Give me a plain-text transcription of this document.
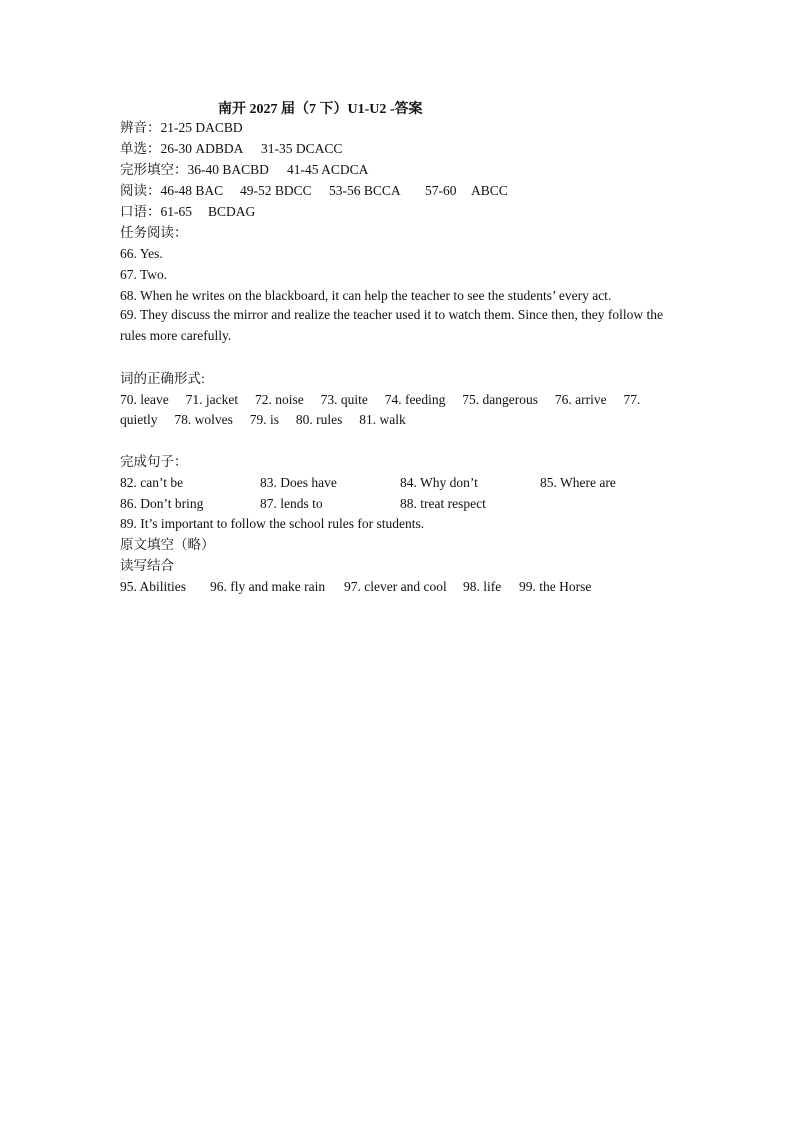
南开 2027 届（7 下）U1-U2 -答案
辨音：21-25 DACBD
单选：26-30 ADBDA 31-35 DCACC
完形填空：36-40 BACBD 41-45 ACDCA
阅读：46-48 BAC 49-52 BDCC 53-56 BCCA 57-60 ABCC
口语：61-65 BCDAG
任务阅读：
66. Yes.
67. Two.
68. When he writes on the blackboard, it can help the teacher to see the students’ every act.
69. They discuss the mirror and realize the teacher used it to watch them. Since then, they follow the rules more carefully.
词的正确形式:
70. leave     71. jacket     72. noise     73. quite     74. feeding     75. dangerous     76. arrive     77.
quietly     78. wolves     79. is     80. rules     81. walk
完成句子：
82. can’t be	83. Does have	84. Why don’t	85. Where are
86. Don’t bring	87. lends to	88. treat respect
89. It’s important to follow the school rules for students.
原文填空（略）
读写结合
95. Abilities 96. fly and make rain 97. clever and cool 98. life 99. the Horse
